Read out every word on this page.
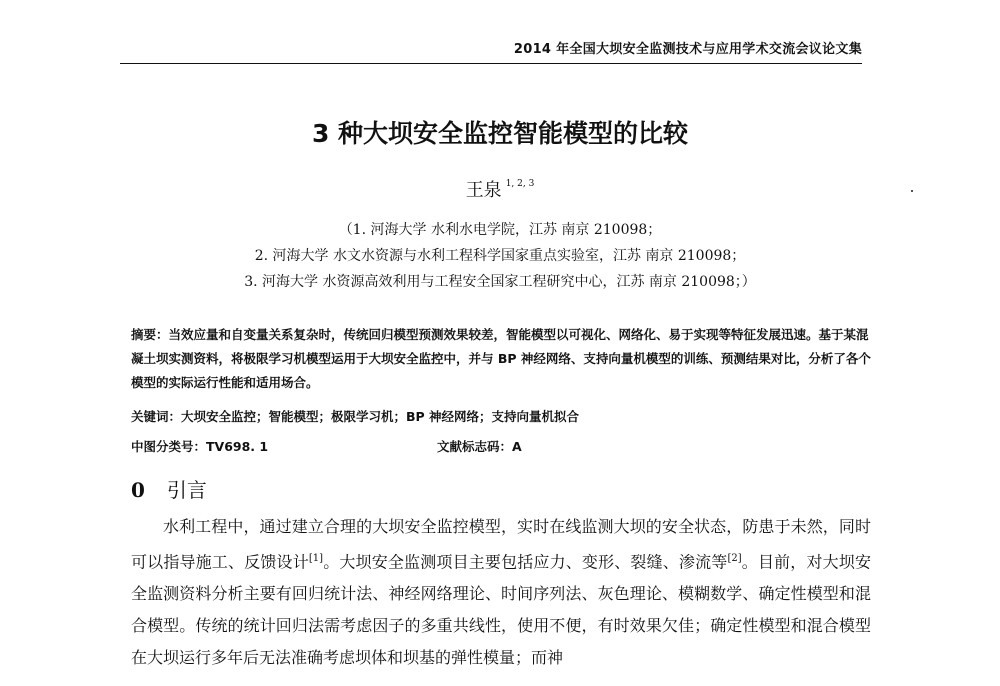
2014 年全国大坝安全监测技术与应用学术交流会议论文集
3 种大坝安全监控智能模型的比较
王泉 $^{1, 2, 3}$
（1. 河海大学 水利水电学院，江苏 南京 210098；
2. 河海大学 水文水资源与水利工程科学国家重点实验室，江苏 南京 210098；
3. 河海大学 水资源高效利用与工程安全国家工程研究中心，江苏 南京 210098；）
摘要：当效应量和自变量关系复杂时，传统回归模型预测效果较差，智能模型以可视化、网络化、易于实现等特征发展迅速。基于某混凝土坝实测资料，将极限学习机模型运用于大坝安全监控中，并与 BP 神经网络、支持向量机模型的训练、预测结果对比，分析了各个模型的实际运行性能和适用场合。
关键词：大坝安全监控；智能模型；极限学习机；BP 神经网络；支持向量机拟合
中图分类号：TV698. 1	文献标志码：A
0 引言
水利工程中，通过建立合理的大坝安全监控模型，实时在线监测大坝的安全状态，防患于未然，同时可以指导施工、反馈设计[1]。大坝安全监测项目主要包括应力、变形、裂缝、渗流等[2]。目前，对大坝安全监测资料分析主要有回归统计法、神经网络理论、时间序列法、灰色理论、模糊数学、确定性模型和混合模型。传统的统计回归法需考虑因子的多重共线性，使用不便，有时效果欠佳；确定性模型和混合模型在大坝运行多年后无法准确考虑坝体和坝基的弹性模量；而神
